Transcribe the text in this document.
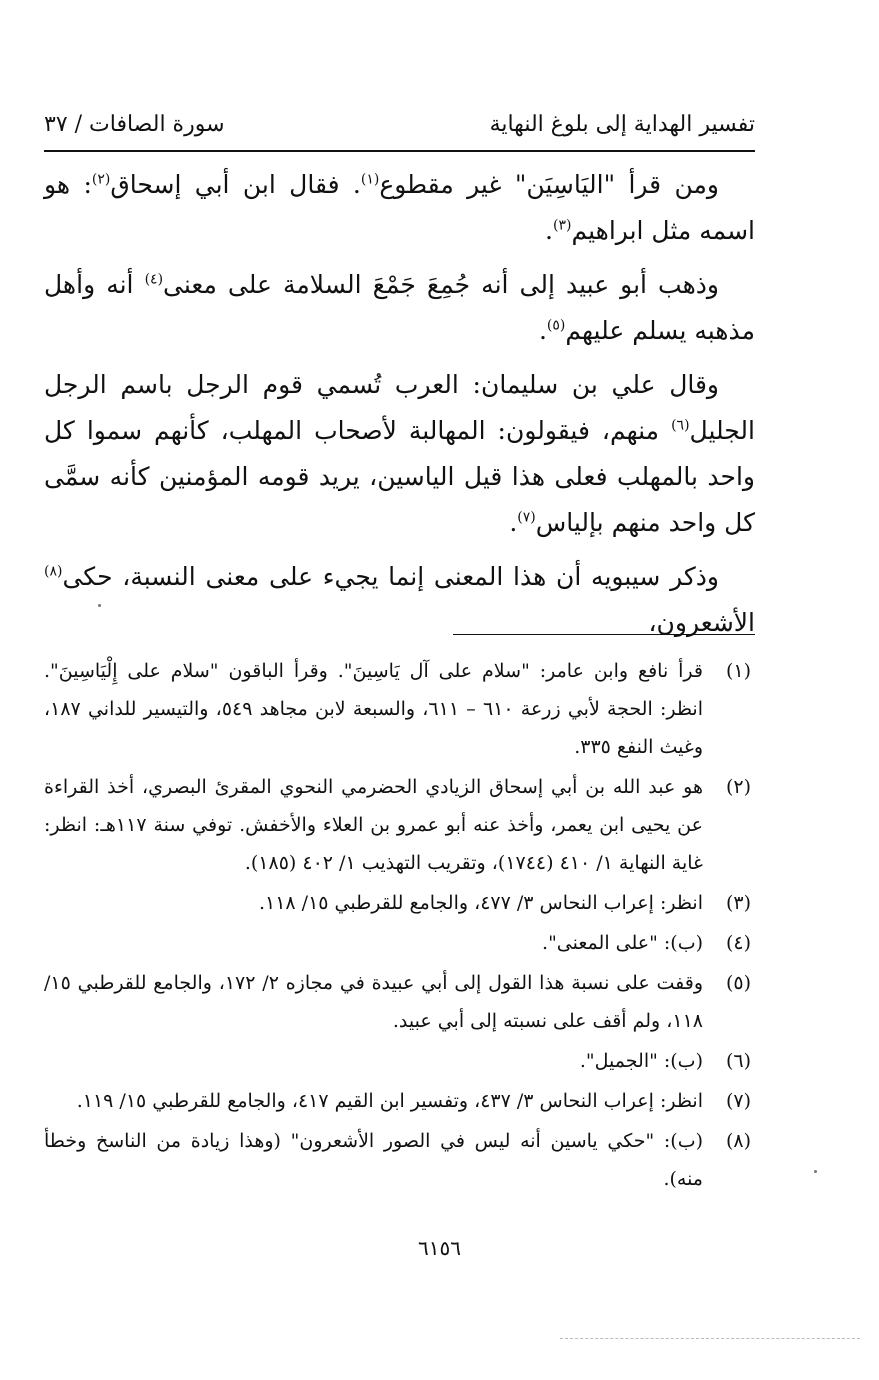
تفسير الهداية إلى بلوغ النهاية
سورة الصافات / ٣٧

ومن قرأ "اليَاسِيَن" غير مقطوع$^{(١)}$. فقال ابن أبي إسحاق$^{(٢)}$: هو اسمه مثل ابراهيم$^{(٣)}$.

وذهب أبو عبيد إلى أنه جُمِعَ جَمْعَ السلامة على معنى$^{(٤)}$ أنه وأهل مذهبه يسلم عليهم$^{(٥)}$.

وقال علي بن سليمان: العرب تُسمي قوم الرجل باسم الرجل الجليل$^{(٦)}$ منهم، فيقولون: المهالبة لأصحاب المهلب، كأنهم سموا كل واحد بالمهلب فعلى هذا قيل الياسين، يريد قومه المؤمنين كأنه سمَّى كل واحد منهم بإلياس$^{(٧)}$.

وذكر سيبويه أن هذا المعنى إنما يجيء على معنى النسبة، حكى$^{(٨)}$ الأشعرون،

(١)
قرأ نافع وابن عامر: "سلام على آل يَاسِينَ". وقرأ الباقون "سلام على إِلْيَاسِينَ". انظر: الحجة لأبي زرعة ٦١٠ – ٦١١، والسبعة لابن مجاهد ٥٤٩، والتيسير للداني ١٨٧، وغيث النفع ٣٣٥.
(٢)
هو عبد الله بن أبي إسحاق الزيادي الحضرمي النحوي المقرئ البصري، أخذ القراءة عن يحيى ابن يعمر، وأخذ عنه أبو عمرو بن العلاء والأخفش. توفي سنة ١١٧هـ: انظر: غاية النهاية ١/ ٤١٠ (١٧٤٤)، وتقريب التهذيب ١/ ٤٠٢ (١٨٥).
(٣)
انظر: إعراب النحاس ٣/ ٤٧٧، والجامع للقرطبي ١٥/ ١١٨.
(٤)
(ب): "على المعنى".
(٥)
وقفت على نسبة هذا القول إلى أبي عبيدة في مجازه ٢/ ١٧٢، والجامع للقرطبي ١٥/ ١١٨، ولم أقف على نسبته إلى أبي عبيد.
(٦)
(ب): "الجميل".
(٧)
انظر: إعراب النحاس ٣/ ٤٣٧، وتفسير ابن القيم ٤١٧، والجامع للقرطبي ١٥/ ١١٩.
(٨)
(ب): "حكي ياسين أنه ليس في الصور الأشعرون" (وهذا زيادة من الناسخ وخطأ منه).
٦١٥٦
